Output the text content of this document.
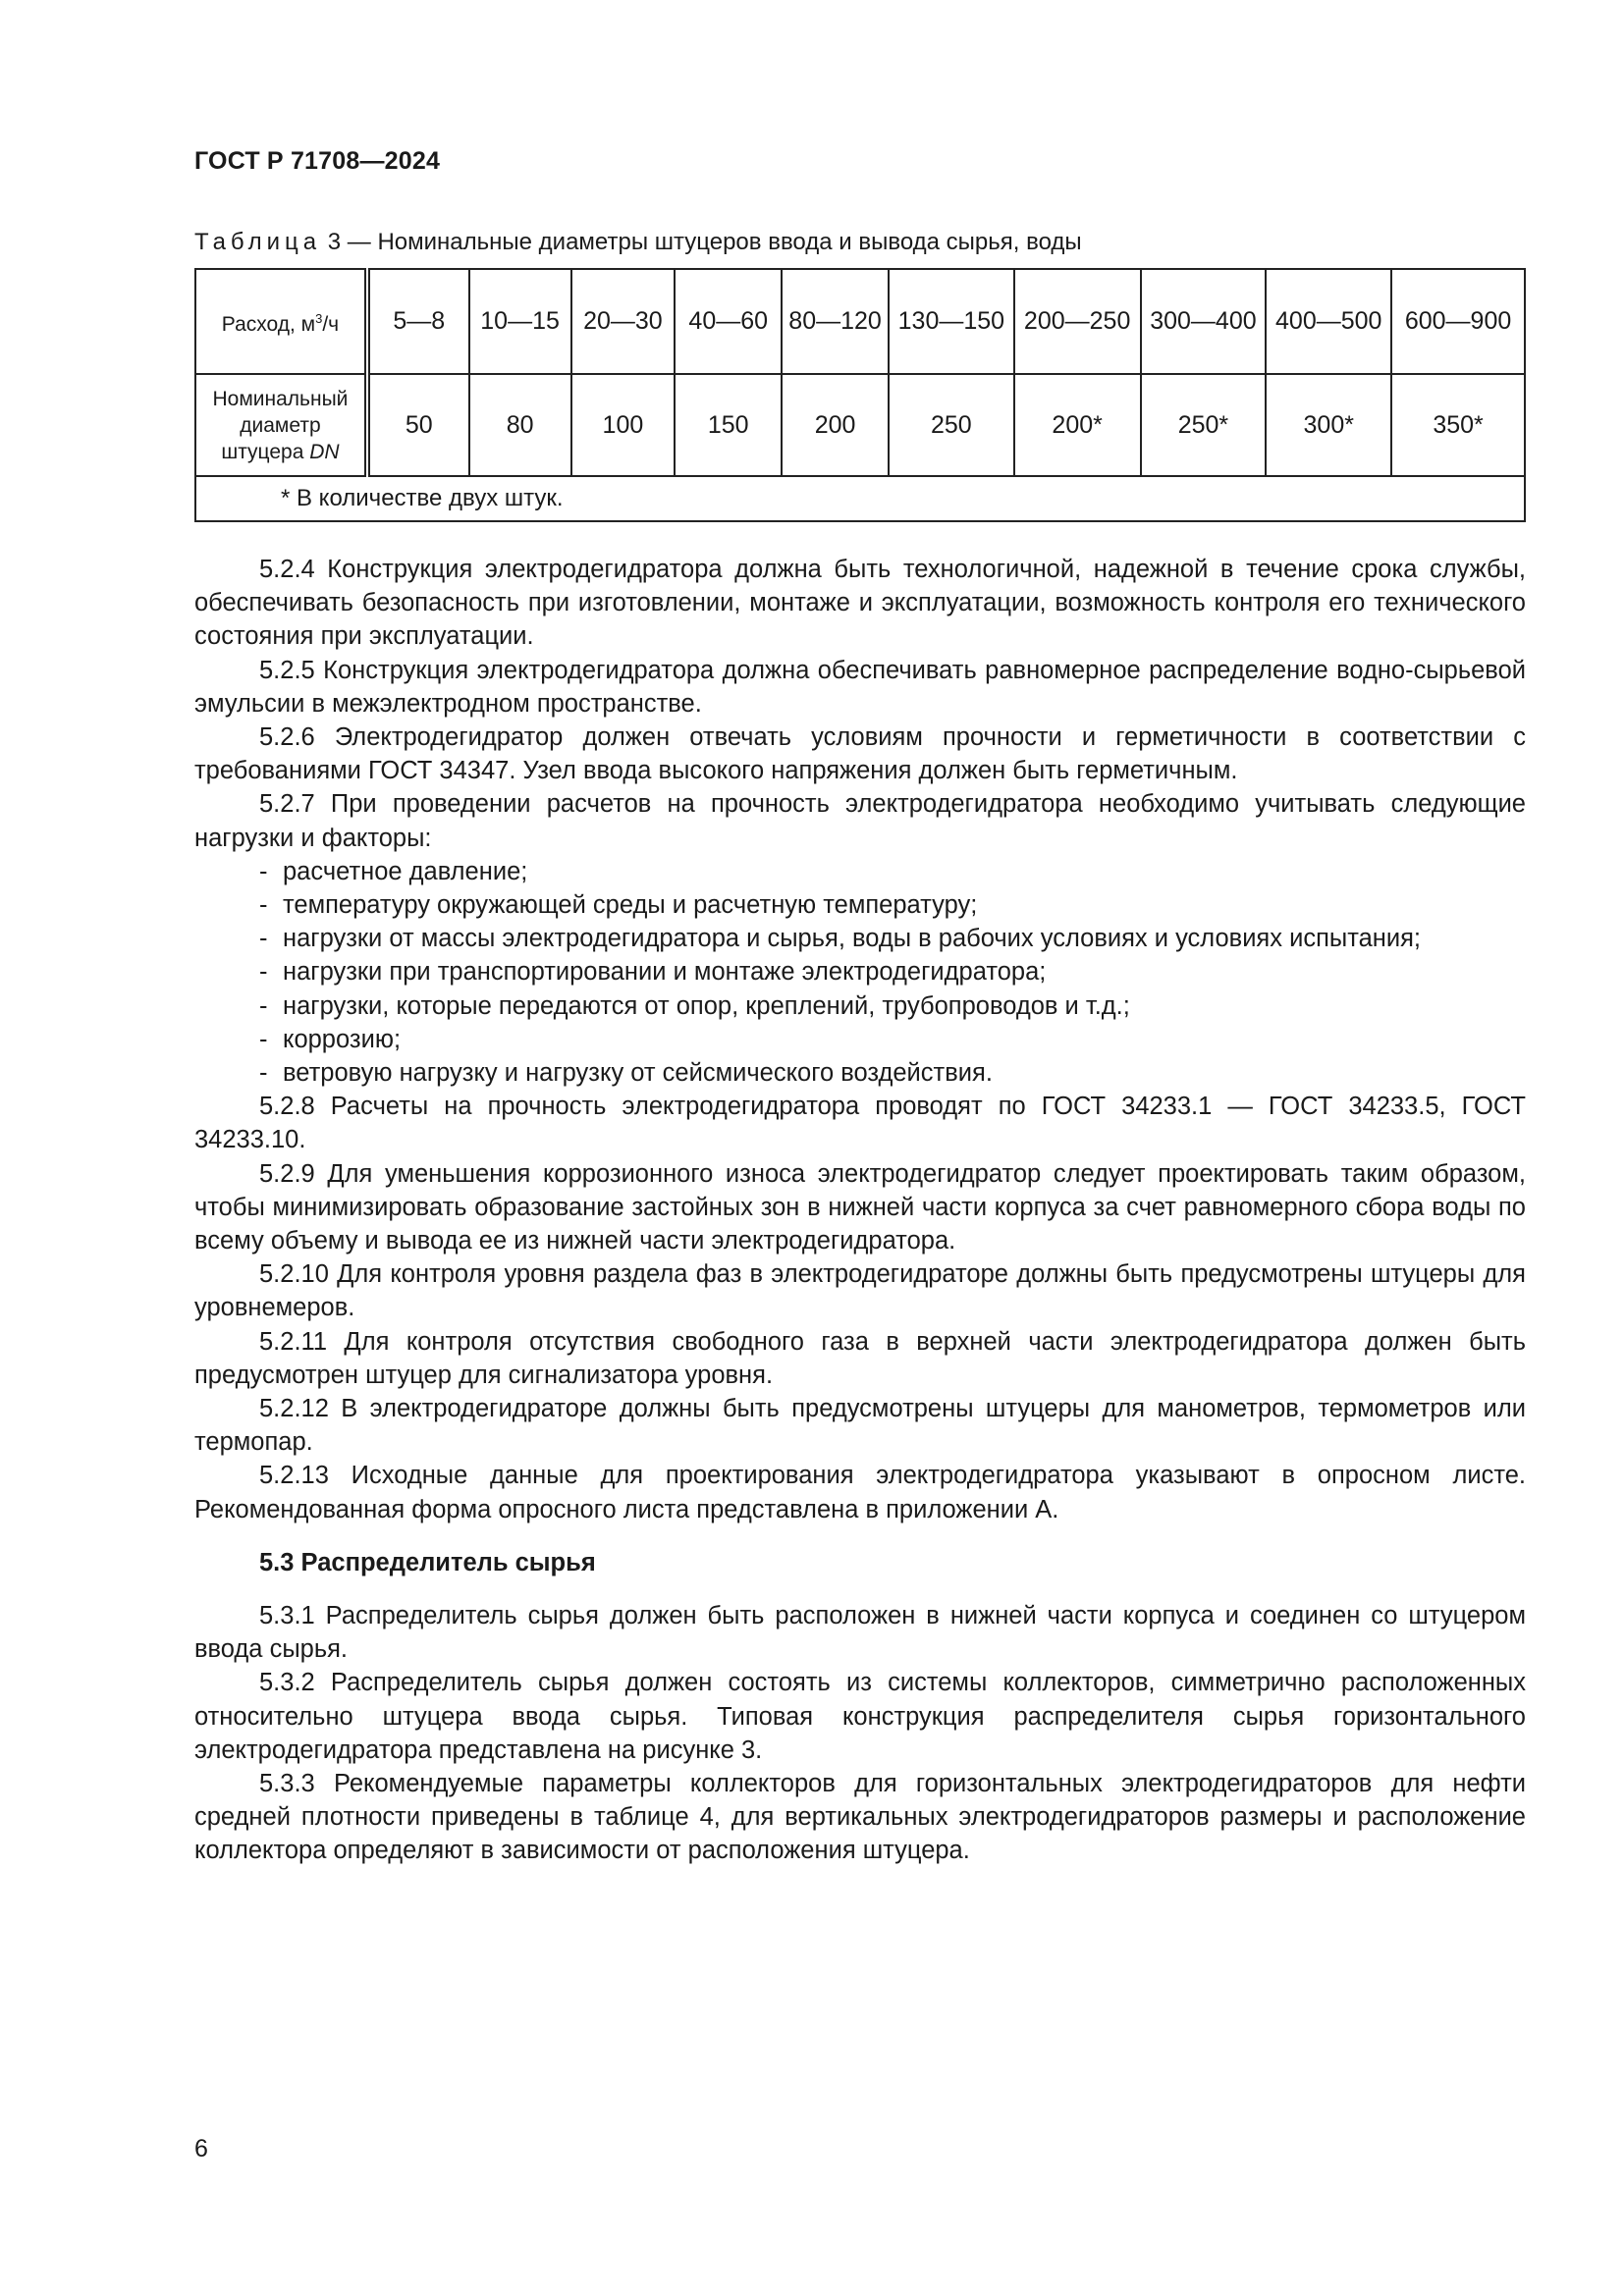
ГОСТ Р 71708—2024
Таблица 3 — Номинальные диаметры штуцеров ввода и вывода сырья, воды
Расход, $м^3/ч$	5—8	10—15	20—30	40—60	80—120	130—150	200—250	300—400	400—500	600—900
Номинальный
диаметр
штуцера DN	50	80	100	150	200	250	200*	250*	300*	350*
* В количестве двух штук.										

5.2.4 Конструкция электродегидратора должна быть технологичной, надежной в течение срока службы, обеспечивать безопасность при изготовлении, монтаже и эксплуатации, возможность контроля его технического состояния при эксплуатации.

5.2.5 Конструкция электродегидратора должна обеспечивать равномерное распределение водно-сырьевой эмульсии в межэлектродном пространстве.

5.2.6 Электродегидратор должен отвечать условиям прочности и герметичности в соответствии с требованиями ГОСТ 34347. Узел ввода высокого напряжения должен быть герметичным.

5.2.7 При проведении расчетов на прочность электродегидратора необходимо учитывать следующие нагрузки и факторы:

- расчетное давление;
- температуру окружающей среды и расчетную температуру;
- нагрузки от массы электродегидратора и сырья, воды в рабочих условиях и условиях испытания;
- нагрузки при транспортировании и монтаже электродегидратора;
- нагрузки, которые передаются от опор, креплений, трубопроводов и т.д.;
- коррозию;
- ветровую нагрузку и нагрузку от сейсмического воздействия.

5.2.8 Расчеты на прочность электродегидратора проводят по ГОСТ 34233.1 — ГОСТ 34233.5, ГОСТ 34233.10.

5.2.9 Для уменьшения коррозионного износа электродегидратор следует проектировать таким образом, чтобы минимизировать образование застойных зон в нижней части корпуса за счет равномерного сбора воды по всему объему и вывода ее из нижней части электродегидратора.

5.2.10 Для контроля уровня раздела фаз в электродегидраторе должны быть предусмотрены штуцеры для уровнемеров.

5.2.11 Для контроля отсутствия свободного газа в верхней части электродегидратора должен быть предусмотрен штуцер для сигнализатора уровня.

5.2.12 В электродегидраторе должны быть предусмотрены штуцеры для манометров, термометров или термопар.

5.2.13 Исходные данные для проектирования электродегидратора указывают в опросном листе. Рекомендованная форма опросного листа представлена в приложении А.

5.3 Распределитель сырья

5.3.1 Распределитель сырья должен быть расположен в нижней части корпуса и соединен со штуцером ввода сырья.

5.3.2 Распределитель сырья должен состоять из системы коллекторов, симметрично расположенных относительно штуцера ввода сырья. Типовая конструкция распределителя сырья горизонтального электродегидратора представлена на рисунке 3.

5.3.3 Рекомендуемые параметры коллекторов для горизонтальных электродегидраторов для нефти средней плотности приведены в таблице 4, для вертикальных электродегидраторов размеры и расположение коллектора определяют в зависимости от расположения штуцера.

6
